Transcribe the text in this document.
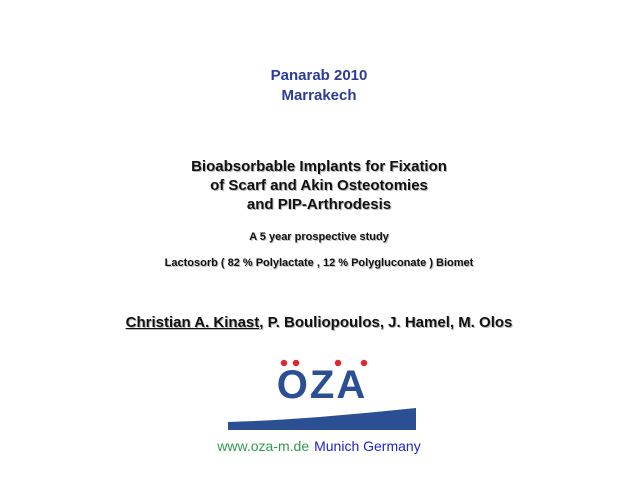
Panarab 2010
Marrakech
Bioabsorbable Implants for Fixation
of Scarf and Akin Osteotomies
and PIP-Arthrodesis
A 5 year prospective study
Lactosorb ( 82 % Polylactate , 12 % Polygluconate ) Biomet
Christian A. Kinast, P. Bouliopoulos, J. Hamel, M. Olos
OZA
www.oza-m.de Munich Germany
